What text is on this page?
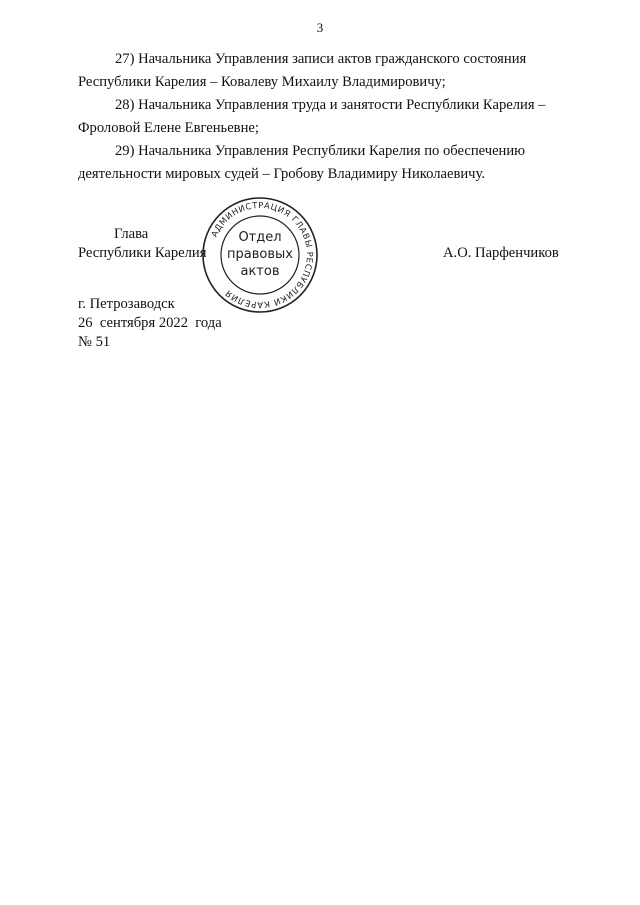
3

27) Начальника Управления записи актов гражданского состояния
Республики Карелия – Ковалеву Михаилу Владимировичу;

28) Начальника Управления труда и занятости Республики Карелия –
Фроловой Елене Евгеньевне;

29) Начальника Управления Республики Карелия по обеспечению
деятельности мировых судей – Гробову Владимиру Николаевичу.

Глава
Республики Карелия	А.О. Парфенчиков
АДМИНИСТРАЦИЯ ГЛАВЫ РЕСПУБЛИКИ КАРЕЛИЯ
Отдел
правовых
актов
г. Петрозаводск
26  сентября 2022  года
№ 51
